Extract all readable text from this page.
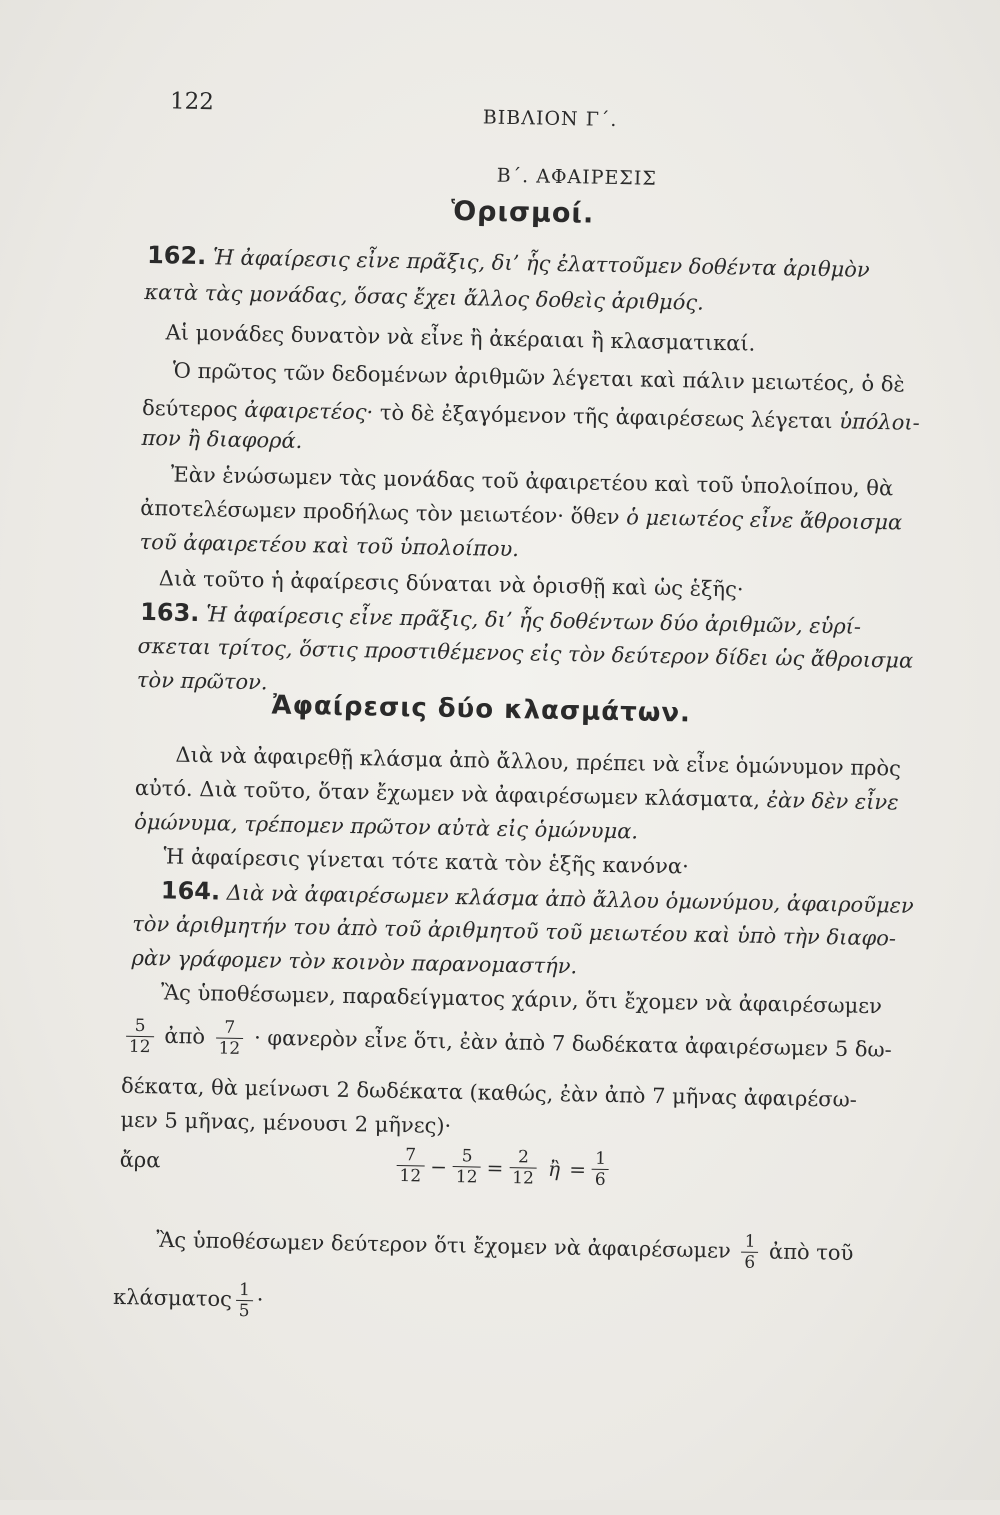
122
ΒΙΒΛΙΟΝ Γ΄.
Β΄. ΑΦΑΙΡΕΣΙΣ
Ὁρισμοί.
162. Ἡ ἀφαίρεσις εἶνε πρᾶξις, δι’ ἧς ἐλαττοῦμεν δοθέντα ἀριθμὸν
κατὰ τὰς μονάδας, ὅσας ἔχει ἄλλος δοθεὶς ἀριθμός.
Αἱ μονάδες δυνατὸν νὰ εἶνε ἢ ἀκέραιαι ἢ κλασματικαί.
Ὁ πρῶτος τῶν δεδομένων ἀριθμῶν λέγεται καὶ πάλιν μειωτέος, ὁ δὲ
δεύτερος ἀφαιρετέος· τὸ δὲ ἐξαγόμενον τῆς ἀφαιρέσεως λέγεται ὑπόλοι-
πον ἢ διαφορά.
Ἐὰν ἑνώσωμεν τὰς μονάδας τοῦ ἀφαιρετέου καὶ τοῦ ὑπολοίπου, θὰ
ἀποτελέσωμεν προδήλως τὸν μειωτέον· ὅθεν ὁ μειωτέος εἶνε ἄθροισμα
τοῦ ἀφαιρετέου καὶ τοῦ ὑπολοίπου.
Διὰ τοῦτο ἡ ἀφαίρεσις δύναται νὰ ὁρισθῇ καὶ ὡς ἑξῆς·
163. Ἡ ἀφαίρεσις εἶνε πρᾶξις, δι’ ἧς δοθέντων δύο ἀριθμῶν, εὑρί-
σκεται τρίτος, ὅστις προστιθέμενος εἰς τὸν δεύτερον δίδει ὡς ἄθροισμα
τὸν πρῶτον.
Ἀφαίρεσις δύο κλασμάτων.
Διὰ νὰ ἀφαιρεθῇ κλάσμα ἀπὸ ἄλλου, πρέπει νὰ εἶνε ὁμώνυμον πρὸς
αὐτό. Διὰ τοῦτο, ὅταν ἔχωμεν νὰ ἀφαιρέσωμεν κλάσματα, ἐὰν δὲν εἶνε
ὁμώνυμα, τρέπομεν πρῶτον αὐτὰ εἰς ὁμώνυμα.
Ἡ ἀφαίρεσις γίνεται τότε κατὰ τὸν ἑξῆς κανόνα·
164. Διὰ νὰ ἀφαιρέσωμεν κλάσμα ἀπὸ ἄλλου ὁμωνύμου, ἀφαιροῦμεν
τὸν ἀριθμητήν του ἀπὸ τοῦ ἀριθμητοῦ τοῦ μειωτέου καὶ ὑπὸ τὴν διαφο-
ρὰν γράφομεν τὸν κοινὸν παρανομαστήν.
Ἂς ὑποθέσωμεν, παραδείγματος χάριν, ὅτι ἔχομεν νὰ ἀφαιρέσωμεν
$\frac{5}{12}$ ἀπὸ $\frac{7}{12}$ · φανερὸν εἶνε ὅτι, ἐὰν ἀπὸ 7 δωδέκατα ἀφαιρέσωμεν 5 δω-
δέκατα, θὰ μείνωσι 2 δωδέκατα (καθώς, ἐὰν ἀπὸ 7 μῆνας ἀφαιρέσω-
μεν 5 μῆνας, μένουσι 2 μῆνες)·
ἄρα	$\frac{7}{12} - \frac{5}{12} = \frac{2}{12}$ ἢ = $\frac{1}{6}$
Ἂς ὑποθέσωμεν δεύτερον ὅτι ἔχομεν νὰ ἀφαιρέσωμεν $\frac{1}{6}$ ἀπὸ τοῦ
κλάσματος $\frac{1}{5}$ ·
